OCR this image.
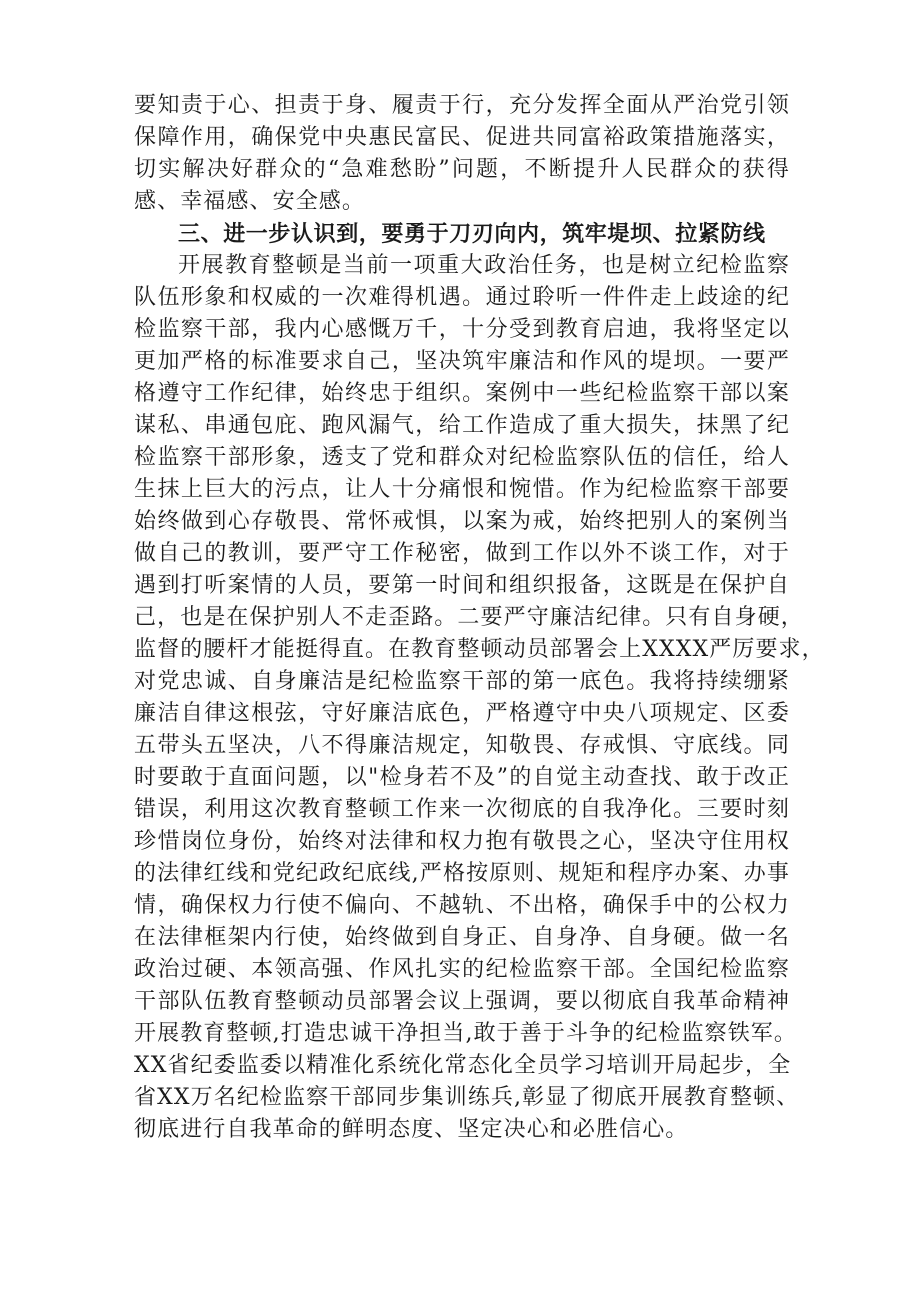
要知责于心、担责于身、履责于行，充分发挥全面从严治党引领
保障作用，确保党中央惠民富民、促进共同富裕政策措施落实，
切实解决好群众的“急难愁盼”问题，不断提升人民群众的获得
感、幸福感、安全感。
三、进一步认识到，要勇于刀刃向内，筑牢堤坝、拉紧防线
开展教育整顿是当前一项重大政治任务，也是树立纪检监察
队伍形象和权威的一次难得机遇。通过聆听一件件走上歧途的纪
检监察干部，我内心感慨万千，十分受到教育启迪，我将坚定以
更加严格的标准要求自己，坚决筑牢廉洁和作风的堤坝。一要严
格遵守工作纪律，始终忠于组织。案例中一些纪检监察干部以案
谋私、串通包庇、跑风漏气，给工作造成了重大损失，抹黑了纪
检监察干部形象，透支了党和群众对纪检监察队伍的信任，给人
生抹上巨大的污点，让人十分痛恨和惋惜。作为纪检监察干部要
始终做到心存敬畏、常怀戒惧，以案为戒，始终把别人的案例当
做自己的教训，要严守工作秘密，做到工作以外不谈工作，对于
遇到打听案情的人员，要第一时间和组织报备，这既是在保护自
己，也是在保护别人不走歪路。二要严守廉洁纪律。只有自身硬，
监督的腰杆才能挺得直。在教育整顿动员部署会上XXXX严厉要求，
对党忠诚、自身廉洁是纪检监察干部的第一底色。我将持续绷紧
廉洁自律这根弦，守好廉洁底色，严格遵守中央八项规定、区委
五带头五坚决，八不得廉洁规定，知敬畏、存戒惧、守底线。同
时要敢于直面问题，以"检身若不及”的自觉主动查找、敢于改正
错误，利用这次教育整顿工作来一次彻底的自我净化。三要时刻
珍惜岗位身份，始终对法律和权力抱有敬畏之心，坚决守住用权
的法律红线和党纪政纪底线,严格按原则、规矩和程序办案、办事
情，确保权力行使不偏向、不越轨、不出格，确保手中的公权力
在法律框架内行使，始终做到自身正、自身净、自身硬。做一名
政治过硬、本领高强、作风扎实的纪检监察干部。全国纪检监察
干部队伍教育整顿动员部署会议上强调，要以彻底自我革命精神
开展教育整顿,打造忠诚干净担当,敢于善于斗争的纪检监察铁军。
XX省纪委监委以精准化系统化常态化全员学习培训开局起步，全
省XX万名纪检监察干部同步集训练兵,彰显了彻底开展教育整顿、
彻底进行自我革命的鲜明态度、坚定决心和必胜信心。
